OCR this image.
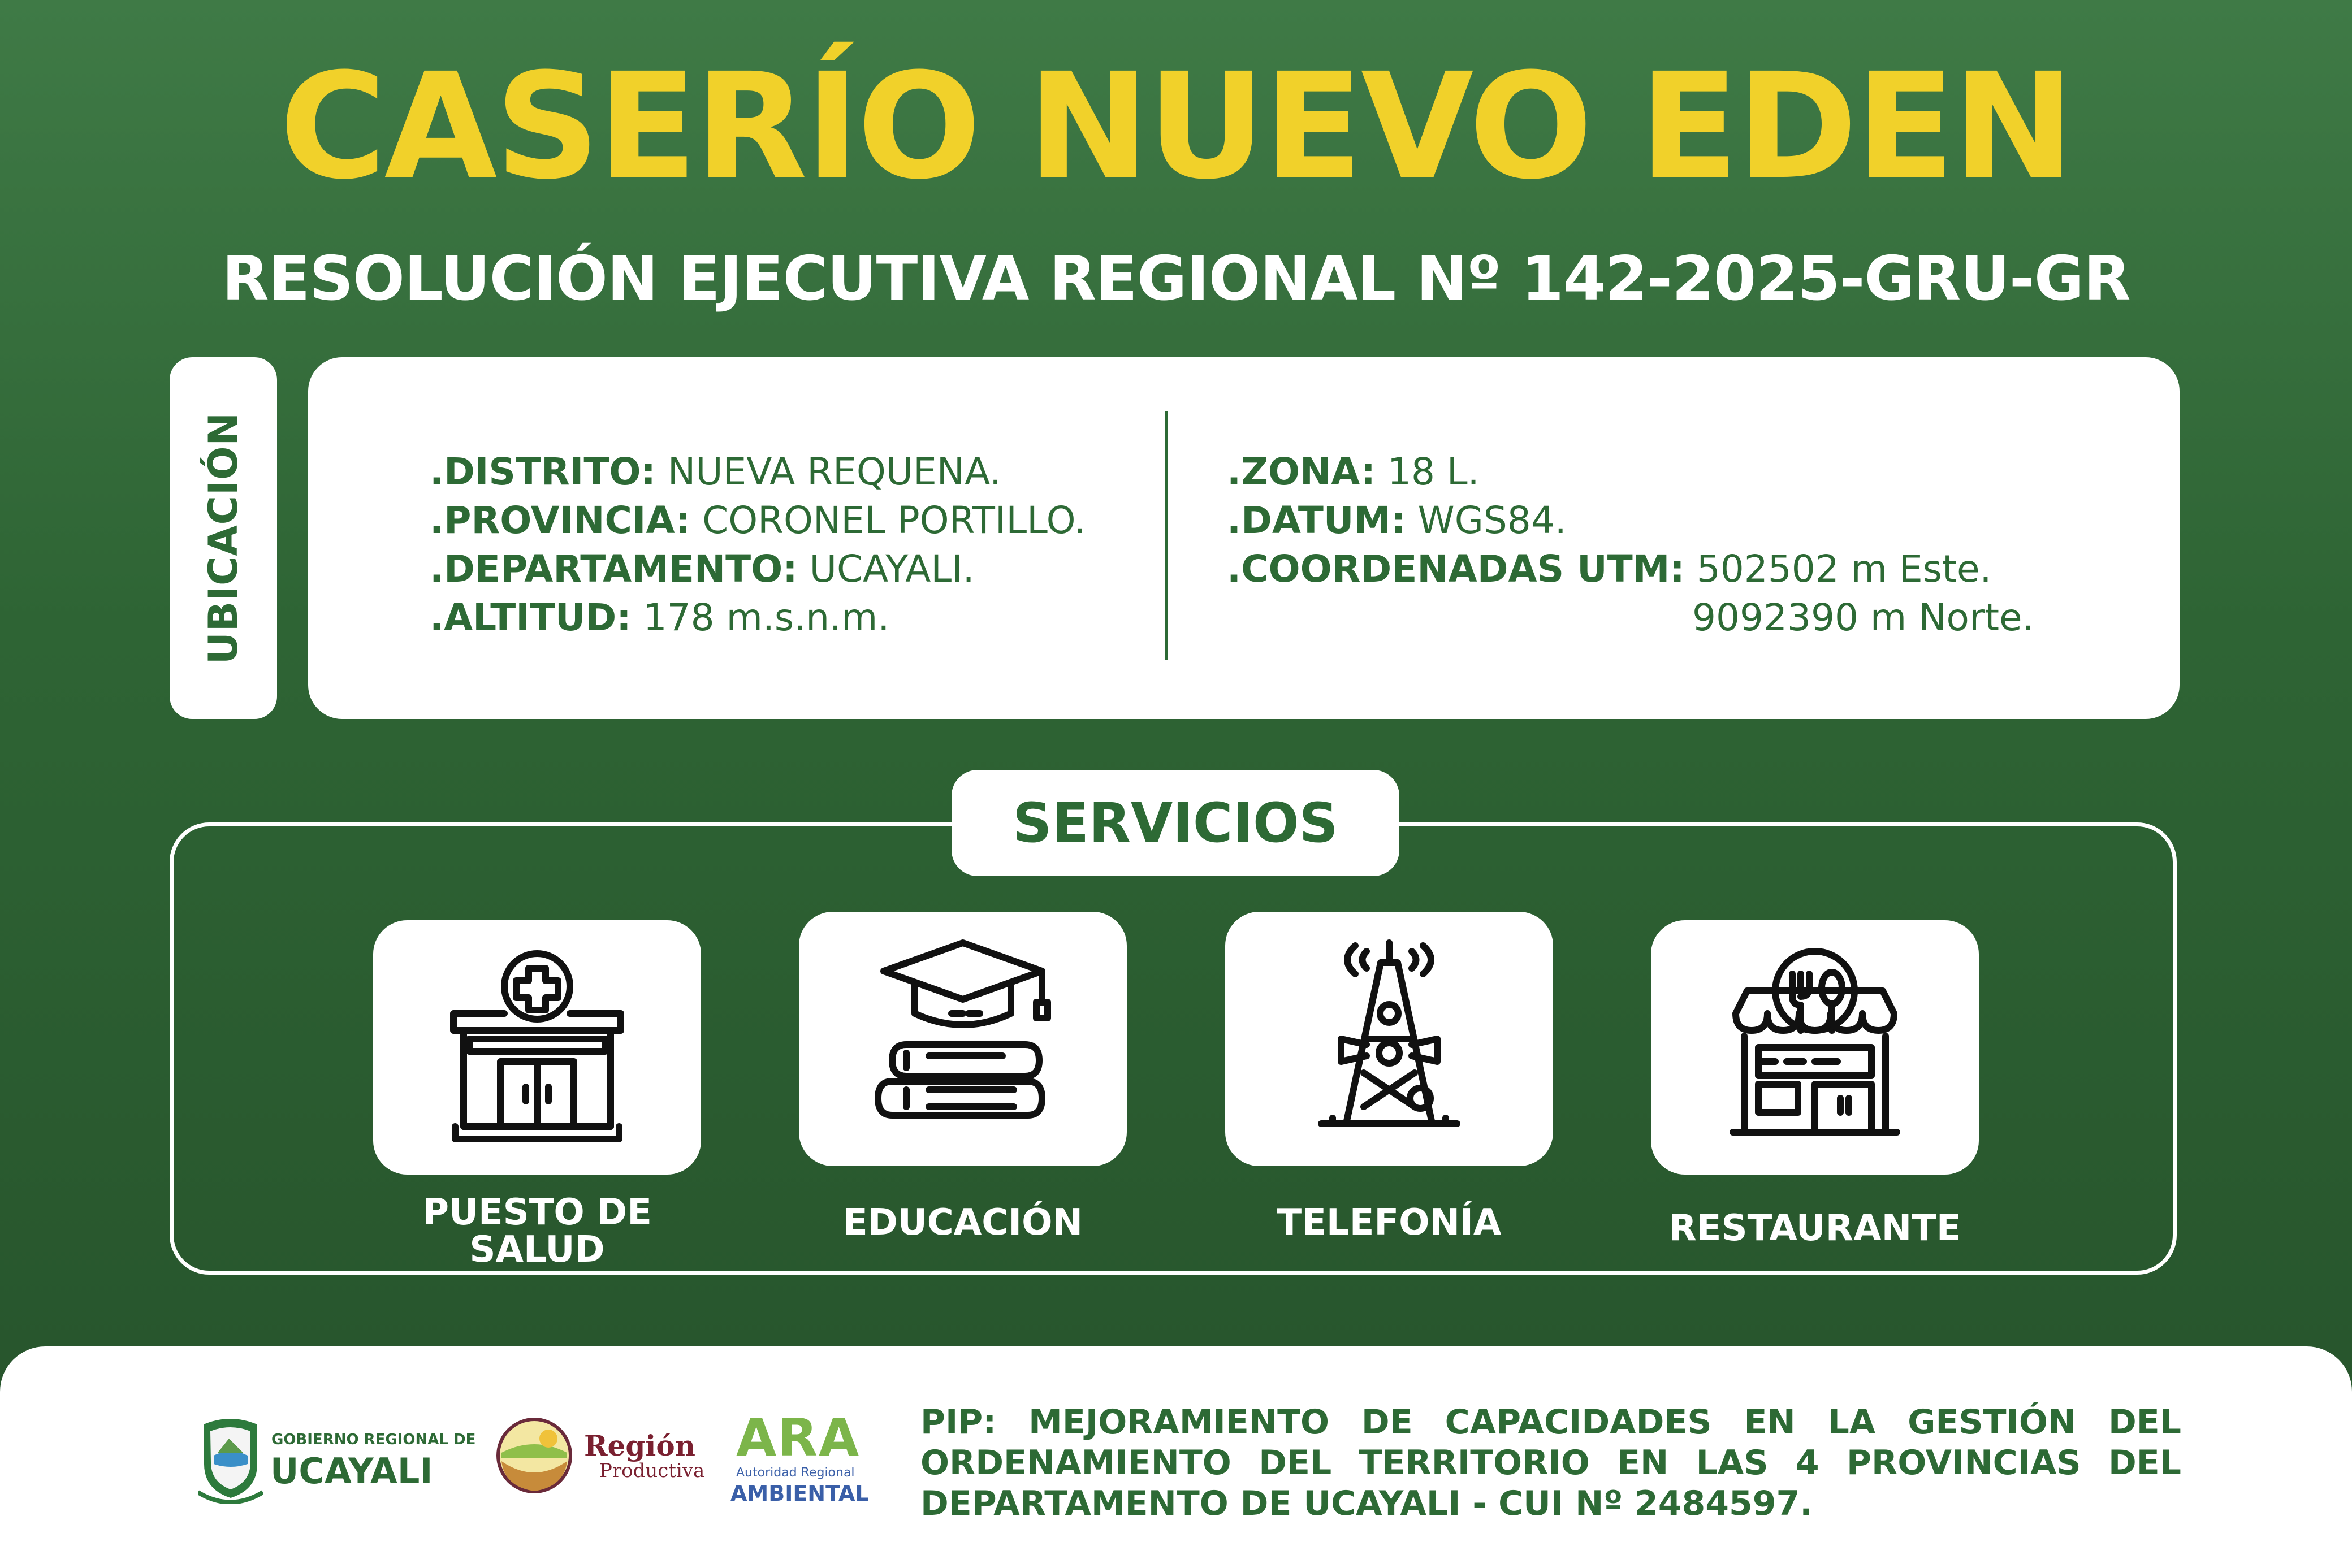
CASERÍO NUEVO EDEN
RESOLUCIÓN EJECUTIVA REGIONAL Nº 142-2025-GRU-GR
UBICACIÓN	.DISTRITO: NUEVA REQUENA.
.PROVINCIA: CORONEL PORTILLO.
.DEPARTAMENTO: UCAYALI.
.ALTITUD: 178 m.s.n.m.
.ZONA: 18 L.
.DATUM: WGS84.
.COORDENADAS UTM: 502502 m Este.
9092390 m Norte.
SERVICIOS
PUESTO DE
SALUD
EDUCACIÓN	TELEFONÍA	RESTAURANTE
GOBIERNO REGIONAL DE
UCAYALI
Región
Productiva
ARA
Autoridad Regional
AMBIENTAL
PIP: MEJORAMIENTO DE CAPACIDADES EN LA GESTIÓN DEL
ORDENAMIENTO DEL TERRITORIO EN LAS 4 PROVINCIAS DEL
DEPARTAMENTO DE UCAYALI - CUI Nº 2484597.
